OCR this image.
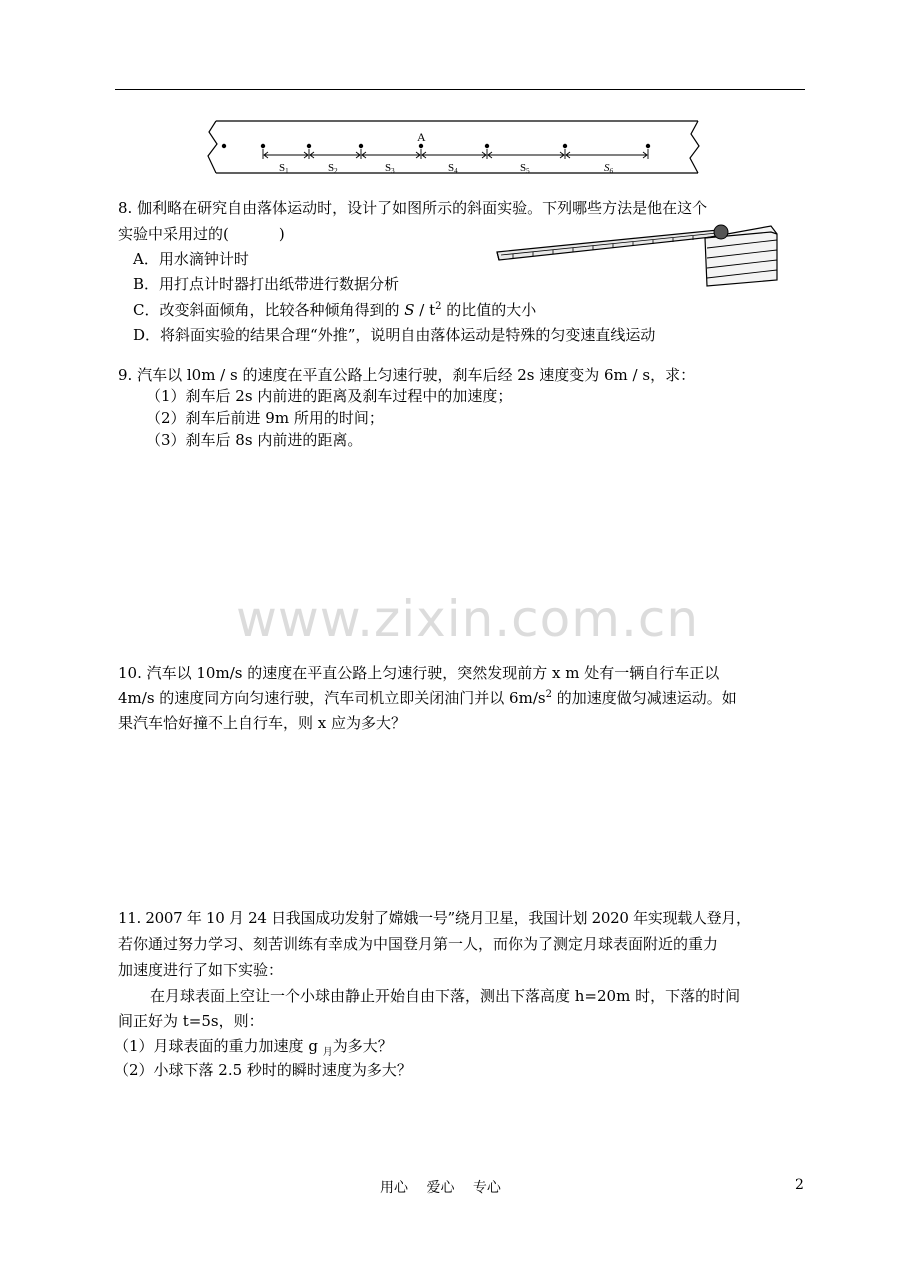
A
S1	S2	S3	S4	S5	S6
8. 伽利略在研究自由落体运动时，设计了如图所示的斜面实验。下列哪些方法是他在这个
实验中采用过的(	)
A．用水滴钟计时
B．用打点计时器打出纸带进行数据分析
C．改变斜面倾角，比较各种倾角得到的 S / $t^2$ 的比值的大小
D．将斜面实验的结果合理“外推”，说明自由落体运动是特殊的匀变速直线运动
9. 汽车以 l0m / s 的速度在平直公路上匀速行驶，刹车后经 2s 速度变为 6m / s，求：
（1）刹车后 2s 内前进的距离及刹车过程中的加速度；
（2）刹车后前进 9m 所用的时间；
（3）刹车后 8s 内前进的距离。
www.zixin.com.cn
10. 汽车以 10m/s 的速度在平直公路上匀速行驶，突然发现前方 x m 处有一辆自行车正以
4m/s 的速度同方向匀速行驶，汽车司机立即关闭油门并以 $6m/s^2$ 的加速度做匀减速运动。如
果汽车恰好撞不上自行车，则 x 应为多大？
11. 2007 年 10 月 24 日我国成功发射了嫦娥一号”绕月卫星，我国计划 2020 年实现载人登月，
若你通过努力学习、刻苦训练有幸成为中国登月第一人，而你为了测定月球表面附近的重力
加速度进行了如下实验：
在月球表面上空让一个小球由静止开始自由下落，测出下落高度 h=20m 时，下落的时间
间正好为 t=5s，则：
（1）月球表面的重力加速度 g $_月$为多大？
（2）小球下落 2.5 秒时的瞬时速度为多大？
用心　 爱心　 专心	2
